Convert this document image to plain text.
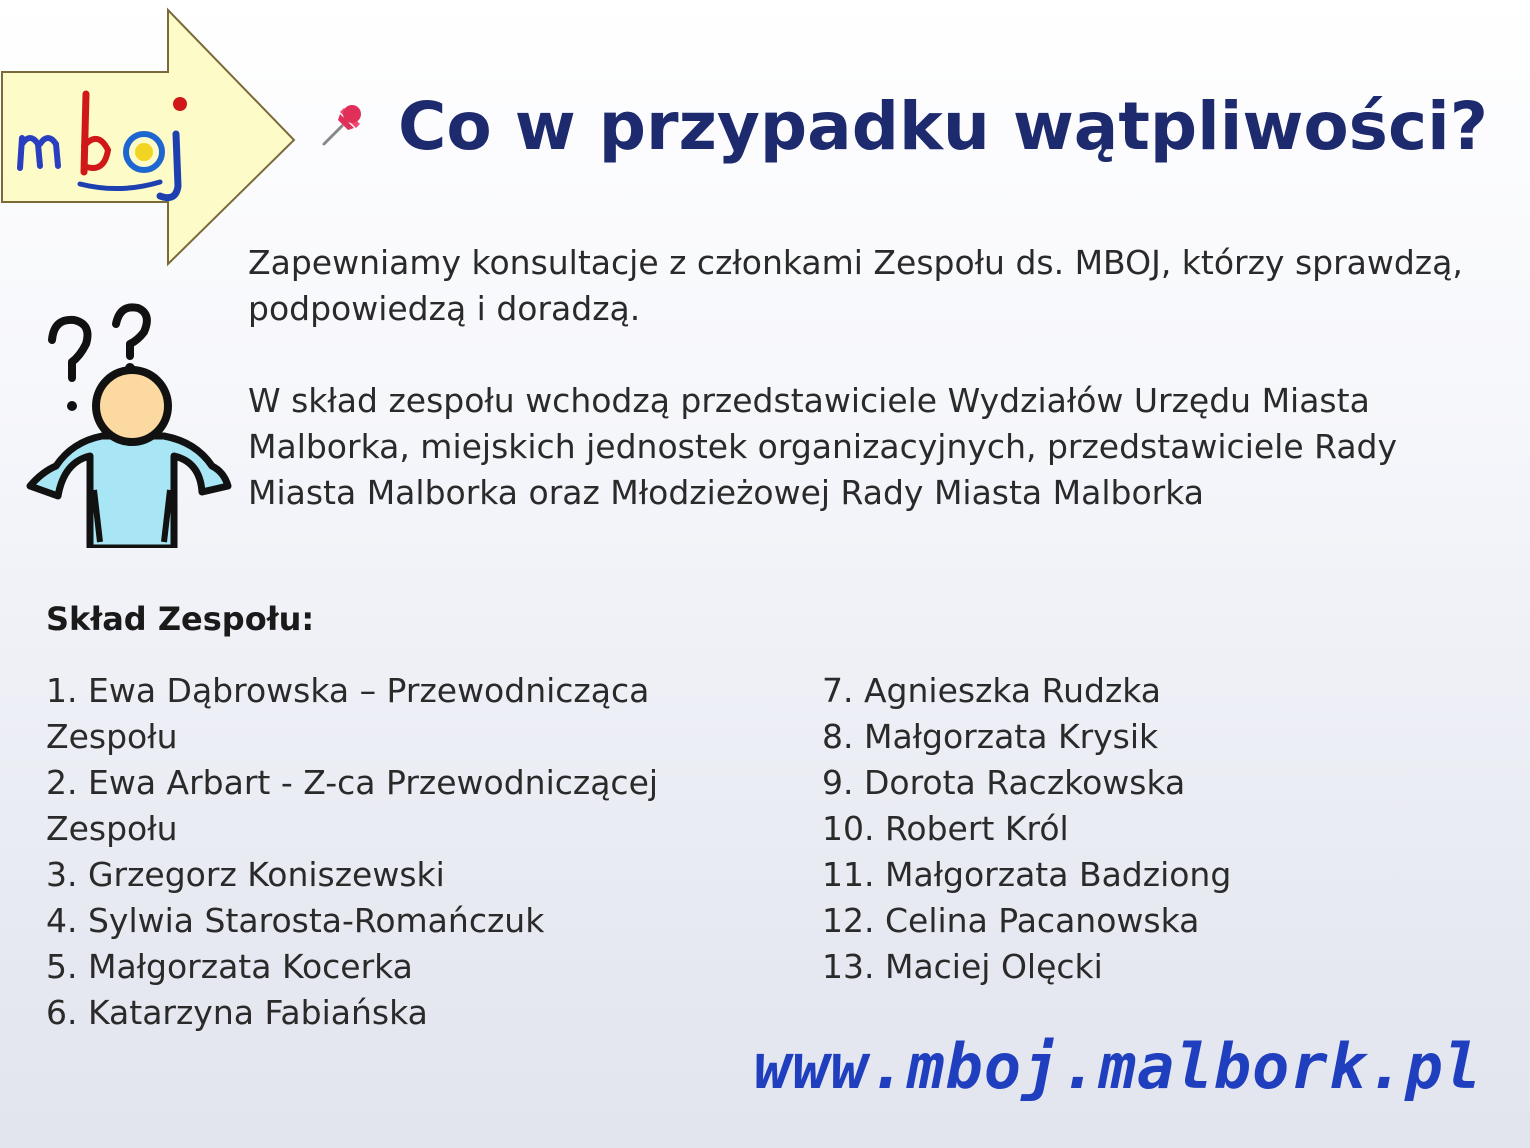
Co w przypadku wątpliwości?

Zapewniamy konsultacje z członkami Zespołu ds. MBOJ, którzy sprawdzą, podpowiedzą i doradzą.

W skład zespołu wchodzą przedstawiciele Wydziałów Urzędu Miasta Malborka, miejskich jednostek organizacyjnych, przedstawiciele Rady Miasta Malborka oraz Młodzieżowej Rady Miasta Malborka

Skład Zespołu:
1. Ewa Dąbrowska – Przewodnicząca Zespołu
2. Ewa Arbart - Z-ca Przewodniczącej Zespołu
3. Grzegorz Koniszewski
4. Sylwia Starosta-Romańczuk
5. Małgorzata Kocerka
6. Katarzyna Fabiańska
7. Agnieszka Rudzka
8. Małgorzata Krysik
9. Dorota Raczkowska
10. Robert Król
11. Małgorzata Badziong
12. Celina Pacanowska
13. Maciej Olęcki

www.mboj.malbork.pl
